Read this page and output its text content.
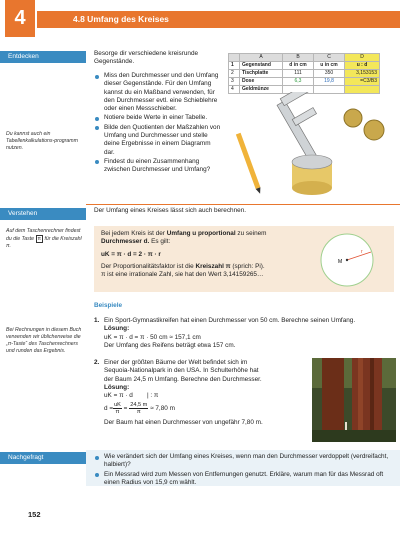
4	4.8 Umfang des Kreises
Entdecken
Du kannst auch ein Tabellenkalkulations-programm nutzen.
Besorge dir verschiedene kreisrunde Gegenstände.
Miss den Durchmesser und den Umfang dieser Gegenstände. Für den Umfang kannst du ein Maßband verwenden, für den Durchmesser evtl. eine Schieblehre oder einen Messschieber.
Notiere beide Werte in einer Tabelle.
Bilde den Quotienten der Maßzahlen von Umfang und Durchmesser und stelle deine Ergebnisse in einem Diagramm dar.
Findest du einen Zusammenhang zwischen Durchmesser und Umfang?
	A	B	C	D
1	Gegenstand	d in cm	u in cm	u : d
2	Tischplatte	111	350	3,153153
3	Dose	6,3	19,8	=C3/B3
4	Geldmünze			
Verstehen
Auf dem Taschenrechner findest du die Taste π für die Kreiszahl π.
Der Umfang eines Kreises lässt sich auch berechnen.
Bei jedem Kreis ist der Umfang u proportional zu seinem
Durchmesser d. Es gilt:
uK = π · d = 2 · π · r
Der Proportionalitätsfaktor ist die Kreiszahl π (sprich: Pi).
π ist eine irrationale Zahl, sie hat den Wert 3,14159265…
M
r
Beispiele
Bei Rechnungen in diesem Buch verwenden wir üblicherweise die „π-Taste“ des Taschenrechners und runden das Ergebnis.
1. Ein Sport-Gymnastikreifen hat einen Durchmesser von 50 cm. Berechne seinen Umfang.
Lösung:
uK = π · d = π · 50 cm ≈ 157,1 cm
Der Umfang des Reifens beträgt etwa 157 cm.
2. Einer der größten Bäume der Welt befindet sich im
Sequoia-Nationalpark in den USA. In Schulterhöhe hat
der Baum 24,5 m Umfang. Berechne den Durchmesser.
Lösung:
uK = π · d        | : π
$d = \frac{uK}{\pi} = \frac{24,5 m}{\pi} \approx 7,80$ m
Der Baum hat einen Durchmesser von ungefähr 7,80 m.
Nachgefragt	Wie verändert sich der Umfang eines Kreises, wenn man den Durchmesser verdoppelt (verdreifacht, halbiert)?
Ein Messrad wird zum Messen von Entfernungen genutzt. Erkläre, warum man für das Messrad oft einen Radius von 15,9 cm wählt.
152
